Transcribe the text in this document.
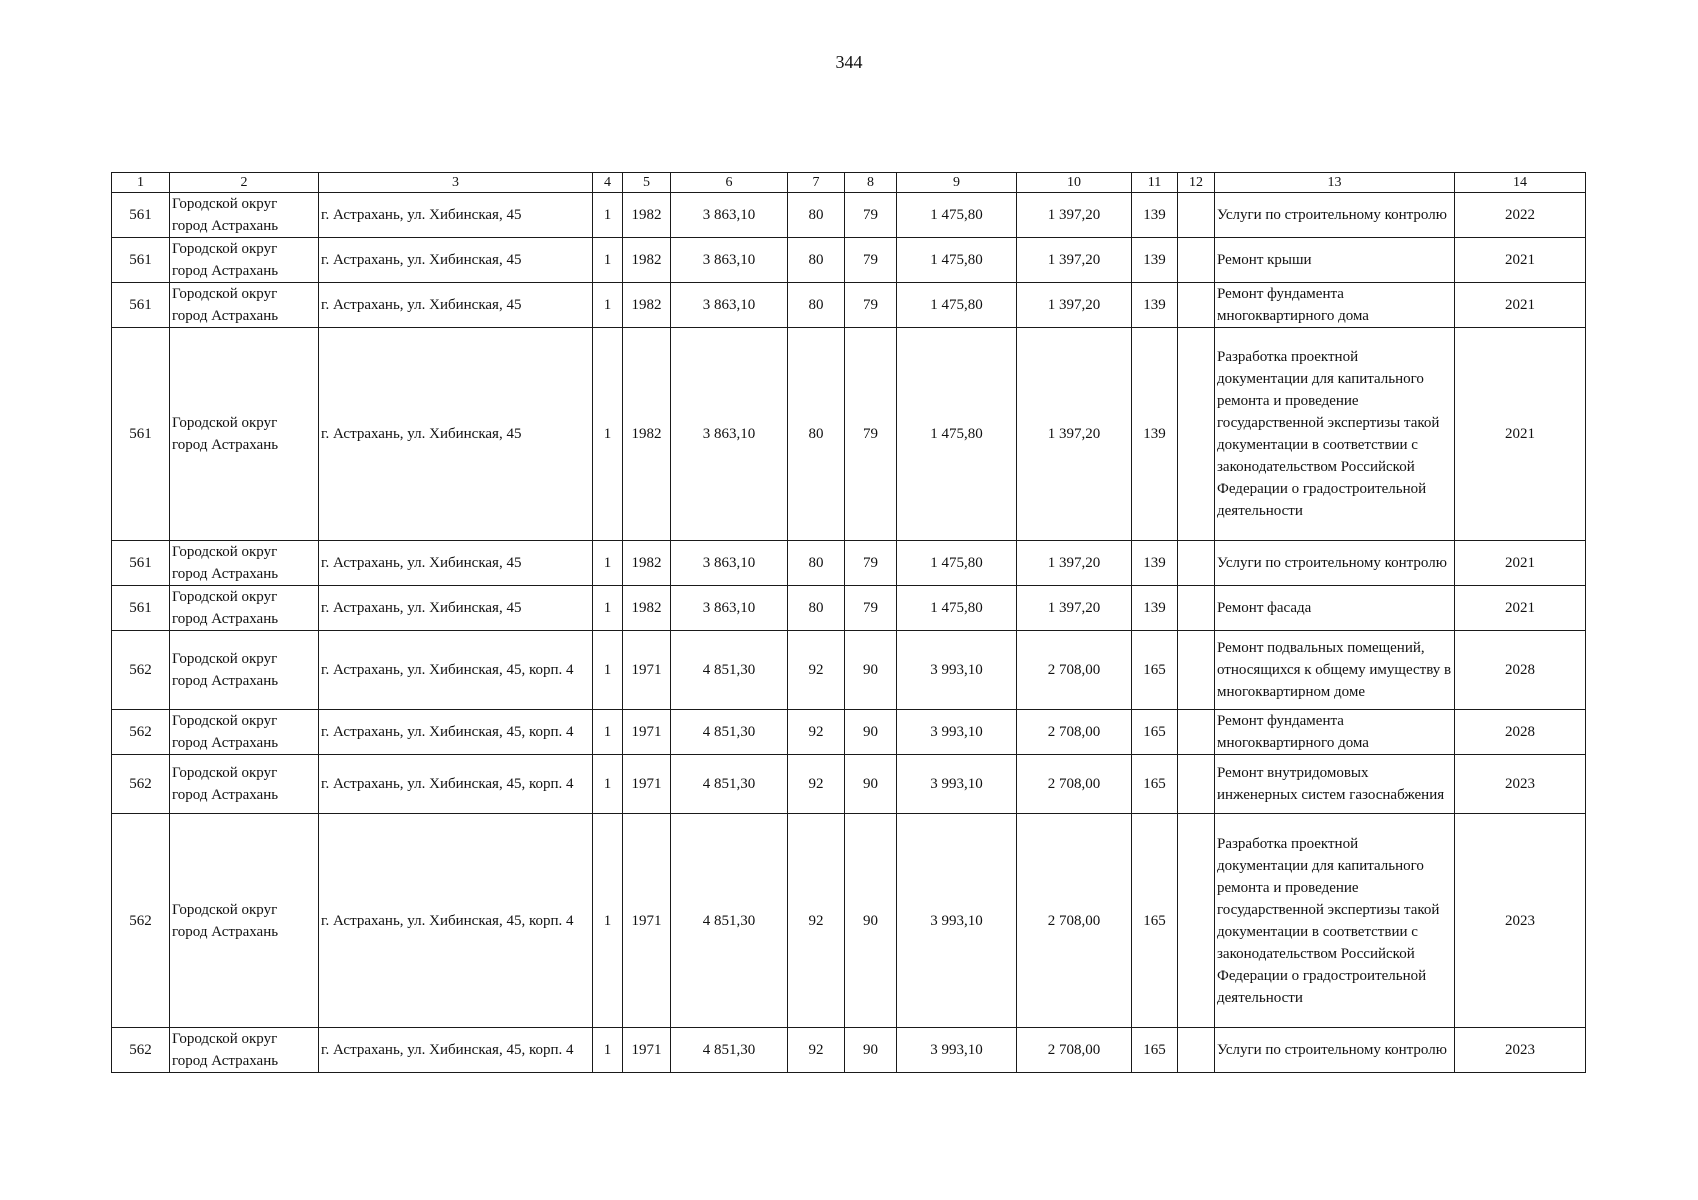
344
1	2	3	4	5	6	7	8	9	10	11	12	13	14
561	Городской округ город Астрахань	г. Астрахань, ул. Хибинская, 45	1	1982	3 863,10	80	79	1 475,80	1 397,20	139		Услуги по строительному контролю	2022
561	Городской округ город Астрахань	г. Астрахань, ул. Хибинская, 45	1	1982	3 863,10	80	79	1 475,80	1 397,20	139		Ремонт крыши	2021
561	Городской округ город Астрахань	г. Астрахань, ул. Хибинская, 45	1	1982	3 863,10	80	79	1 475,80	1 397,20	139		Ремонт фундамента многоквартирного дома	2021
561	Городской округ город Астрахань	г. Астрахань, ул. Хибинская, 45	1	1982	3 863,10	80	79	1 475,80	1 397,20	139		Разработка проектной документации для капитального ремонта и проведение государственной экспертизы такой документации в соответствии с законодательством Российской Федерации о градостроительной деятельности	2021
561	Городской округ город Астрахань	г. Астрахань, ул. Хибинская, 45	1	1982	3 863,10	80	79	1 475,80	1 397,20	139		Услуги по строительному контролю	2021
561	Городской округ город Астрахань	г. Астрахань, ул. Хибинская, 45	1	1982	3 863,10	80	79	1 475,80	1 397,20	139		Ремонт фасада	2021
562	Городской округ город Астрахань	г. Астрахань, ул. Хибинская, 45, корп. 4	1	1971	4 851,30	92	90	3 993,10	2 708,00	165		Ремонт подвальных помещений, относящихся к общему имуществу в многоквартирном доме	2028
562	Городской округ город Астрахань	г. Астрахань, ул. Хибинская, 45, корп. 4	1	1971	4 851,30	92	90	3 993,10	2 708,00	165		Ремонт фундамента многоквартирного дома	2028
562	Городской округ город Астрахань	г. Астрахань, ул. Хибинская, 45, корп. 4	1	1971	4 851,30	92	90	3 993,10	2 708,00	165		Ремонт внутридомовых инженерных систем газоснабжения	2023
562	Городской округ город Астрахань	г. Астрахань, ул. Хибинская, 45, корп. 4	1	1971	4 851,30	92	90	3 993,10	2 708,00	165		Разработка проектной документации для капитального ремонта и проведение государственной экспертизы такой документации в соответствии с законодательством Российской Федерации о градостроительной деятельности	2023
562	Городской округ город Астрахань	г. Астрахань, ул. Хибинская, 45, корп. 4	1	1971	4 851,30	92	90	3 993,10	2 708,00	165		Услуги по строительному контролю	2023
